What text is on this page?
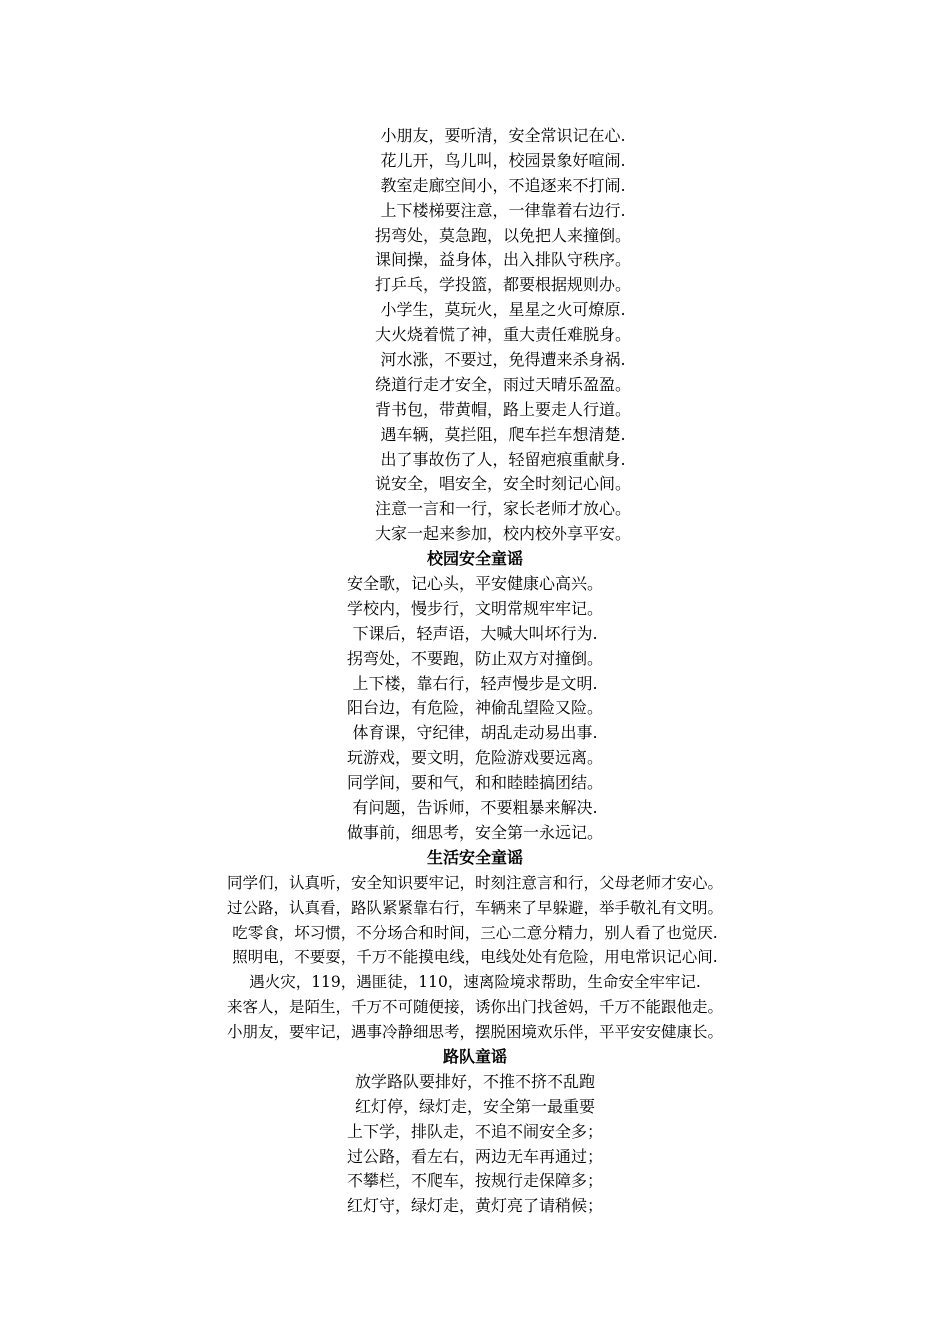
小朋友，要听清，安全常识记在心.
花儿开，鸟儿叫，校园景象好喧闹.
教室走廊空间小，不追逐来不打闹.
上下楼梯要注意，一律靠着右边行.
拐弯处，莫急跑，以免把人来撞倒。
课间操，益身体，出入排队守秩序。
打乒乓，学投篮，都要根据规则办。
小学生，莫玩火，星星之火可燎原.
大火烧着慌了神，重大责任难脱身。
河水涨，不要过，免得遭来杀身祸.
绕道行走才安全，雨过天晴乐盈盈。
背书包，带黄帽，路上要走人行道。
遇车辆，莫拦阻，爬车拦车想清楚.
出了事故伤了人，轻留疤痕重献身.
说安全，唱安全，安全时刻记心间。
注意一言和一行，家长老师才放心。
大家一起来参加，校内校外享平安。
校园安全童谣
安全歌，记心头，平安健康心高兴。
学校内，慢步行，文明常规牢牢记。
下课后，轻声语，大喊大叫坏行为.
拐弯处，不要跑，防止双方对撞倒。
上下楼，靠右行，轻声慢步是文明.
阳台边，有危险，神偷乱望险又险。
体育课，守纪律，胡乱走动易出事.
玩游戏，要文明，危险游戏要远离。
同学间，要和气，和和睦睦搞团结。
有问题，告诉师，不要粗暴来解决.
做事前，细思考，安全第一永远记。
生活安全童谣
同学们，认真听，安全知识要牢记，时刻注意言和行，父母老师才安心。
过公路，认真看，路队紧紧靠右行，车辆来了早躲避，举手敬礼有文明。
吃零食，坏习惯，不分场合和时间，三心二意分精力，别人看了也觉厌.
照明电，不要耍，千万不能摸电线，电线处处有危险，用电常识记心间.
遇火灾，119，遇匪徒，110，速离险境求帮助，生命安全牢牢记.
来客人，是陌生，千万不可随便接，诱你出门找爸妈，千万不能跟他走。
小朋友，要牢记，遇事冷静细思考，摆脱困境欢乐伴，平平安安健康长。
路队童谣
放学路队要排好，不推不挤不乱跑
红灯停，绿灯走，安全第一最重要
上下学，排队走，不追不闹安全多；
过公路，看左右，两边无车再通过；
不攀栏，不爬车，按规行走保障多；
红灯守，绿灯走，黄灯亮了请稍候；
